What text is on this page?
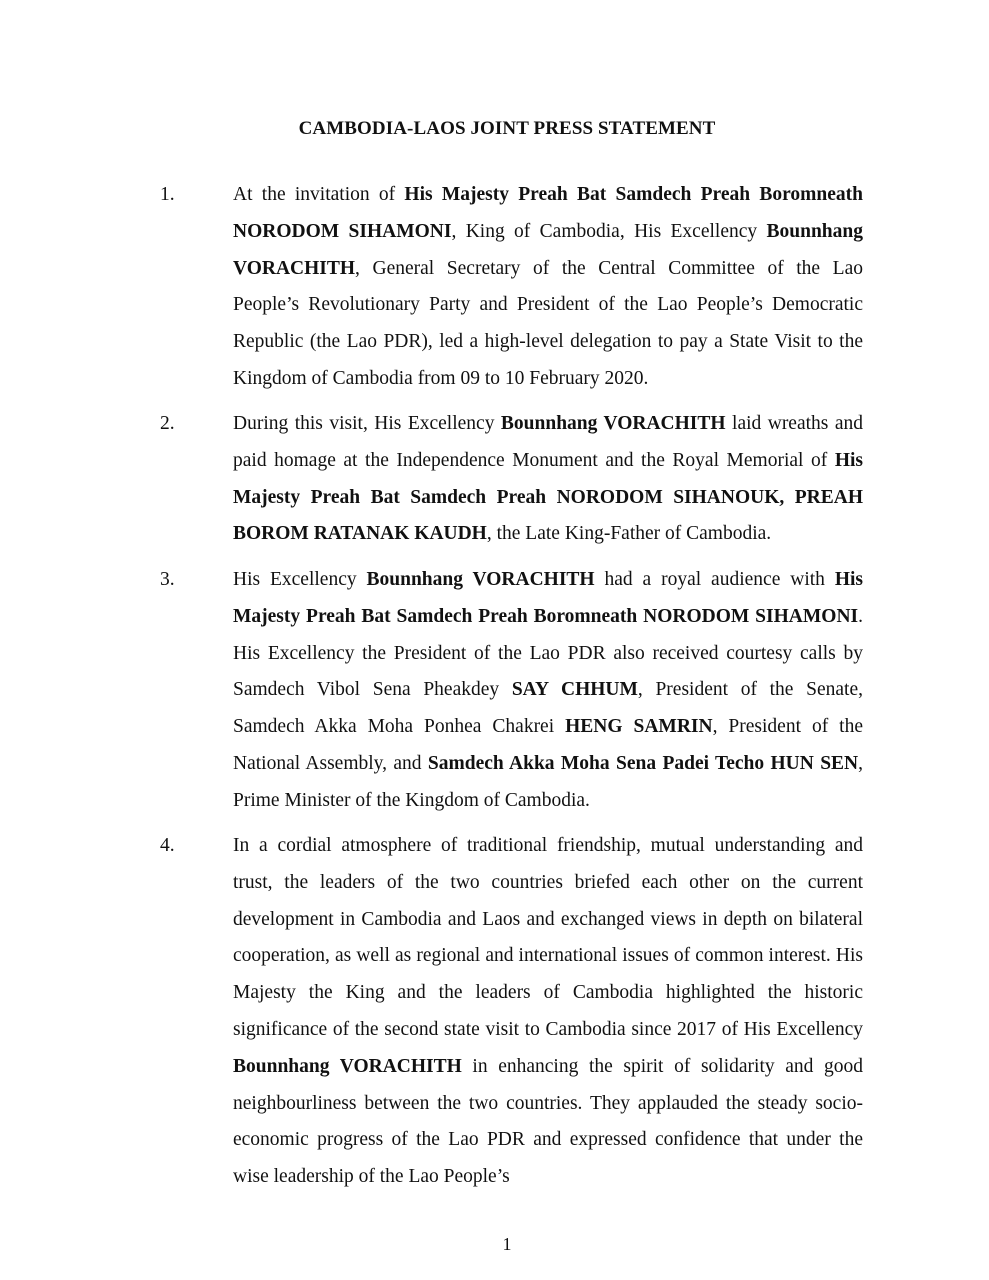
CAMBODIA-LAOS JOINT PRESS STATEMENT
1.	At the invitation of His Majesty Preah Bat Samdech Preah Boromneath NORODOM SIHAMONI, King of Cambodia, His Excellency Bounnhang VORACHITH, General Secretary of the Central Committee of the Lao People’s Revolutionary Party and President of the Lao People’s Democratic Republic (the Lao PDR), led a high-level delegation to pay a State Visit to the Kingdom of Cambodia from 09 to 10 February 2020.

2.	During this visit, His Excellency Bounnhang VORACHITH laid wreaths and paid homage at the Independence Monument and the Royal Memorial of His Majesty Preah Bat Samdech Preah NORODOM SIHANOUK, PREAH BOROM RATANAK KAUDH, the Late King-Father of Cambodia.

3.	His Excellency Bounnhang VORACHITH had a royal audience with His Majesty Preah Bat Samdech Preah Boromneath NORODOM SIHAMONI. His Excellency the President of the Lao PDR also received courtesy calls by Samdech Vibol Sena Pheakdey SAY CHHUM, President of the Senate, Samdech Akka Moha Ponhea Chakrei HENG SAMRIN, President of the National Assembly, and Samdech Akka Moha Sena Padei Techo HUN SEN, Prime Minister of the Kingdom of Cambodia.

4.	In a cordial atmosphere of traditional friendship, mutual understanding and trust, the leaders of the two countries briefed each other on the current development in Cambodia and Laos and exchanged views in depth on bilateral cooperation, as well as regional and international issues of common interest. His Majesty the King and the leaders of Cambodia highlighted the historic significance of the second state visit to Cambodia since 2017 of His Excellency Bounnhang VORACHITH in enhancing the spirit of solidarity and good neighbourliness between the two countries. They applauded the steady socio-economic progress of the Lao PDR and expressed confidence that under the wise leadership of the Lao People’s

1
